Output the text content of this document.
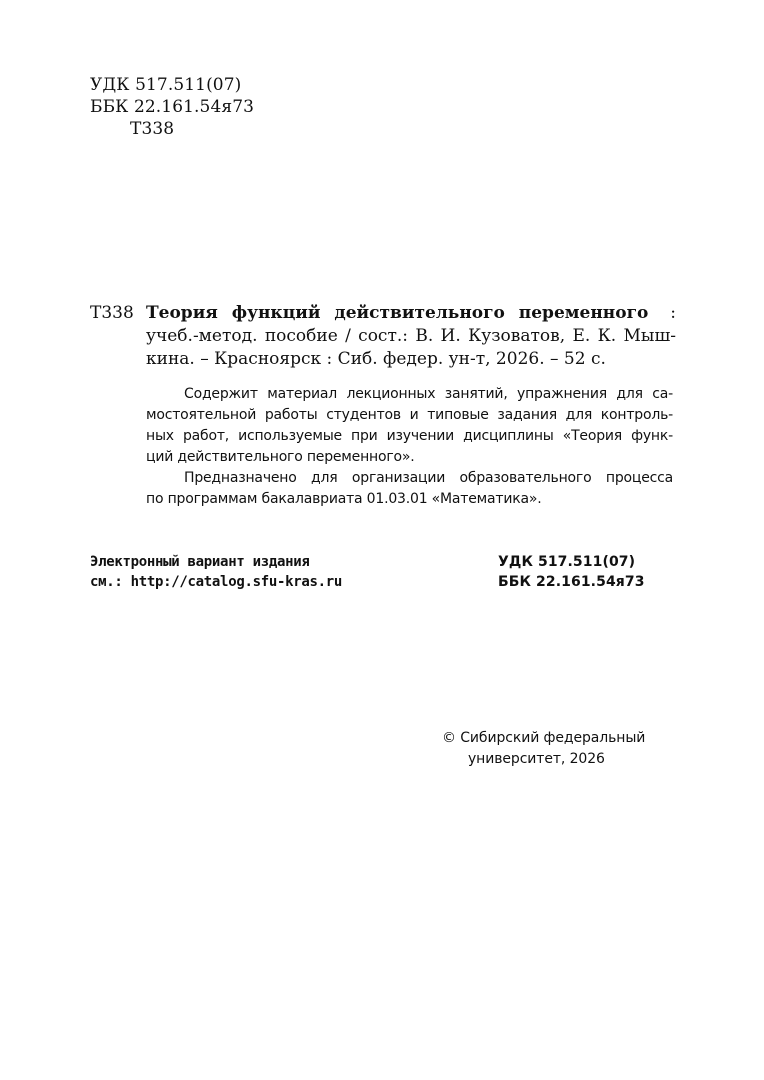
УДК 517.511(07)
ББК 22.161.54я73
Т338
Т338 Теория функций действительного переменного :
учеб.-метод. пособие / сост.: В. И. Кузоватов, Е. К. Мыш-
кина. – Красноярск : Сиб. федер. ун-т, 2026. – 52 с.
Содержит материал лекционных занятий, упражнения для са-
мостоятельной работы студентов и типовые задания для контроль-
ных работ, используемые при изучении дисциплины «Теория функ-
ций действительного переменного».
Предназначено для организации образовательного процесса
по программам бакалавриата 01.03.01 «Математика».
Электронный вариант издания
см.: http://catalog.sfu-kras.ru
УДК 517.511(07)
ББК 22.161.54я73
© Сибирский федеральный
университет, 2026
